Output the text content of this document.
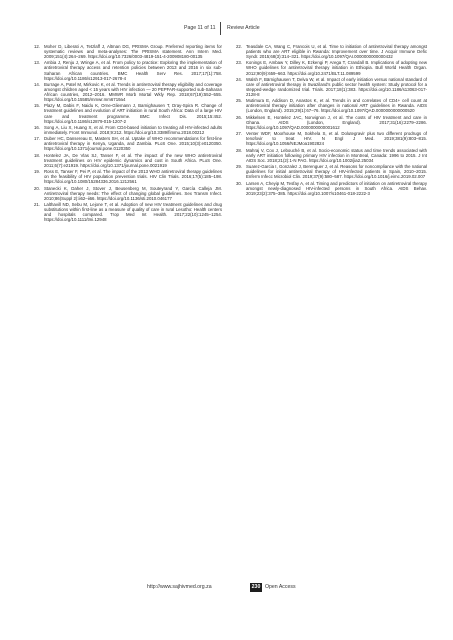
Page 11 of 11 Review Article
12. Moher D, Liberati A, Tetzlaff J, Altman DG, PRISMA Group. Preferred reporting items for systematic reviews and meta-analyses: The PRISMA statement. Ann Intern Med. 2009;151(4):264–269. https://doi.org/10.7326/0003-4819-151-4-200908180-00135
13. Ambia J, Renju J, Wringe A, et al. From policy to practice: Exploring the implementation of antiretroviral therapy access and retention policies between 2013 and 2016 in six sub-Saharan African countries. BMC Health Serv Res. 2017;17(1):758. https://doi.org/10.1186/s12913-017-2678-4
14. Burrage A, Patel M, Mirkovic K, et al. Trends in antiretroviral therapy eligibility and coverage amongst children aged < 15 years with HIV infection — 20 PEPFAR-supported sub-Saharan African countries, 2012–2016. MMWR Morb Mortal Wkly Rep. 2018;67(19):552–555. https://doi.org/10.15585/mmwr.mm6719a4
15. Plazy M, Dabis F, Naidu K, Orne-Gliemann J, Barnighausen T, Dray-Spira R. Change of treatment guidelines and evolution of ART initiation in rural South Africa: Data of a large HIV care and treatment programme. BMC Infect Dis. 2015;15:452. https://doi.org/10.1186/s12879-015-1207-2
16. Song A, Liu X, Huang X, et al. From CD4-based initiation to treating all HIV-infected adults immediately. Front Immunol. 2018;9:212. https://doi.org/10.3389/fimmu.2018.00212
17. Duber HC, Dansereau E, Masters SH, et al. Uptake of WHO recommendations for first-line antiretroviral therapy in Kenya, Uganda, and Zambia. PLoS One. 2015;10(3):e0120350. https://doi.org/10.1371/journal.pone.0120350
18. Hontelez JA, De Vlas SJ, Tanser F, et al. The impact of the new WHO antiretroviral treatment guidelines on HIV epidemic dynamics and cost in South Africa. PLoS One. 2011;6(7):e21919. https://doi.org/10.1371/journal.pone.0021919
19. Ross E, Tanser F, Pei P, et al. The impact of the 2013 WHO antiretroviral therapy guidelines on the feasibility of HIV population prevention trials. HIV Clin Trials. 2016;17(5):185–198. https://doi.org/10.1080/15284336.2016.1212561
20. Stanecki K, Daher J, Stover J, Beusenberg M, Souteyrand Y, García Calleja JM. Antiretroviral therapy needs: The effect of changing global guidelines. Sex Transm Infect. 2010;86(Suppl 2):ii62–ii66. https://doi.org/10.1136/sti.2010.046177
21. Lalthavill ND, Sebu M, Lejone T, et al. Adoption of new HIV treatment guidelines and drug substitutions within first-line as a measure of quality of care in rural Lesotho: Health centers and hospitals compared. Trop Med Int Health. 2017;22(10):1245–1254. https://doi.org/10.1111/tmi.12948
22. Teasdale CA, Wang C, Francois U, et al. Time to initiation of antiretroviral therapy amongst patients who are ART eligible in Rwanda: Improvement over time. J Acquir Immune Defic Syndr. 2015;68(3):314–321. https://doi.org/10.1097/QAI.0000000000000432
23. Konings E, Ambaw Y, Dilley K, Ezkengi P, Arega T, Crandall B. Implications of adopting new WHO guidelines for antiretroviral therapy initiation in Ethiopia. Bull World Health Organ. 2012;90(9):659–663. https://doi.org/10.2471/BLT.11.089599
24. Walsh F, Bärnighausen T, Delva W, et al. Impact of early initiation versus national standard of care of antiretroviral therapy in Swaziland's public sector health system: Study protocol for a stepped-wedge randomized trial. Trials. 2017;18(1):383. https://doi.org/10.1186/s13063-017-2128-8
25. Mutimura E, Addison D, Anastos K, et al. Trends in and correlates of CD4+ cell count at antiretroviral therapy initiation after changes in national ART guidelines in Rwanda. AIDS (London, England). 2015;29(1):67–76. https://doi.org/10.1097/QAD.0000000000000520
26. Mikkelsen E, Hontelez JAC, Nonvignon J, et al. The costs of HIV treatment and care in Ghana. AIDS (London, England). 2017;31(16):2279–2286. https://doi.org/10.1097/QAD.0000000000001612
27. Venter WDF, Moorhouse M, Sokhela S, et al. Dolutegravir plus two different prodrugs of tenofovir to treat HIV. N Engl J Med. 2019;381(9):803–815. https://doi.org/10.1056/NEJMoa1902824
28. Mahraj V, Cox J, Lebouché B, et al. Socio-economic status and time trends associated with early ART initiation following primary HIV infection in Montreal, Canada: 1996 to 2015. J Int AIDS Soc. 2018;21(2):1-N PAG. https://doi.org/10.1002/jia2.25034
29. Suarez-Garcia I, Gonzalez J, Berenguer J, et al. Reasons for noncompliance with the national guidelines for initial antiretroviral therapy of HIV-infected patients in Spain, 2010–2015. Enferm Infecc Microbiol Clin. 2019;37(9):580–587. https://doi.org/10.1016/j.eimc.2019.02.007
30. Larsen A, Cheyip M, Tesfay A, et al. Timing and predictors of initiation on antiretroviral therapy amongst newly-diagnosed HIV-infected persons in South Africa. AIDS Behav. 2019;23(2):375–385. https://doi.org/10.1007/s10461-018-2222-3
http://www.sajhivmed.org.za	230 Open Access
